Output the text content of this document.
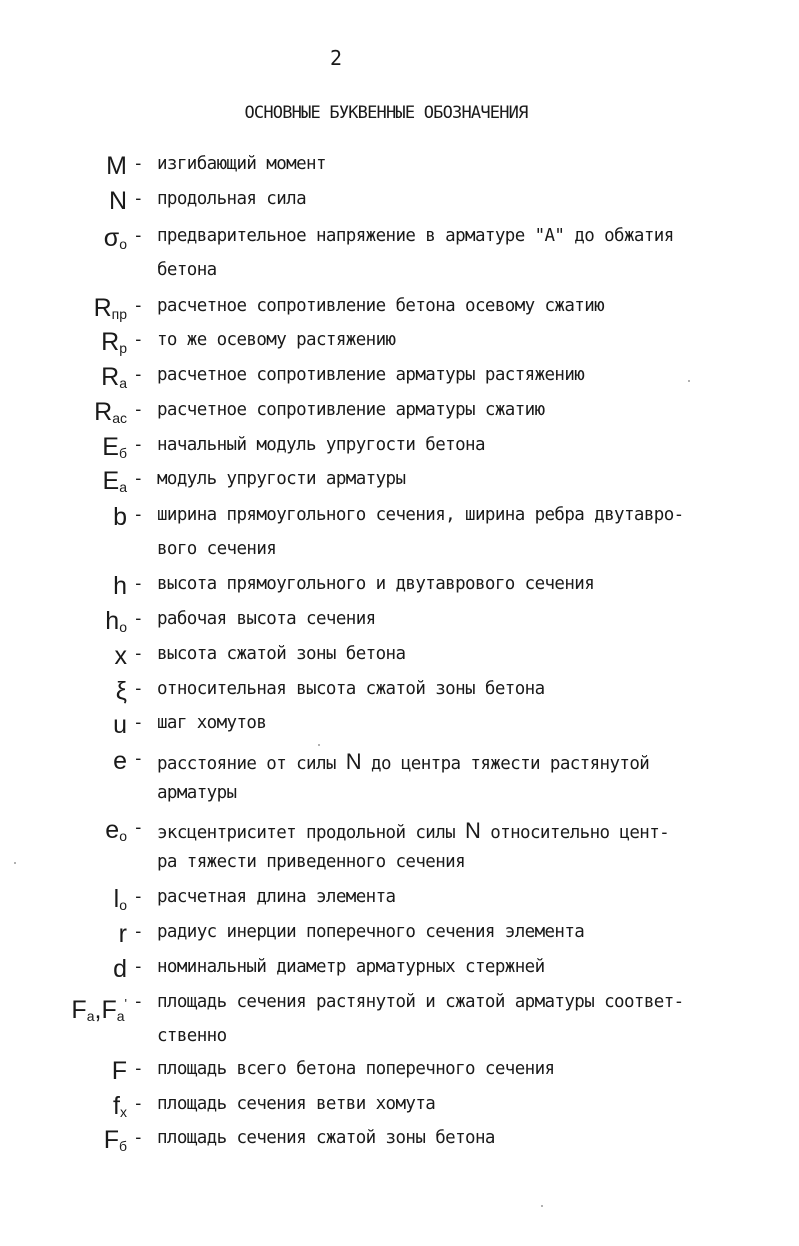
2
ОСНОВНЫЕ БУКВЕННЫЕ ОБОЗНАЧЕНИЯ
M - изгибающий момент
N - продольная сила
$\sigma_o$ - предварительное напряжение в арматуре "А" до обжатия
бетона
$R_{пр}$ - расчетное сопротивление бетона осевому сжатию
$R_р$ - то же осевому растяжению
$R_а$ - расчетное сопротивление арматуры растяжению
$R_{ас}$ - расчетное сопротивление арматуры сжатию
$E_б$ - начальный модуль упругости бетона
$E_а$ - модуль упругости арматуры
b - ширина прямоугольного сечения, ширина ребра двутавро-
вого сечения
h - высота прямоугольного и двутаврового сечения
$h_o$ - рабочая высота сечения
x - высота сжатой зоны бетона
ξ - относительная высота сжатой зоны бетона
u - шаг хомутов
e - расстояние от силы N до центра тяжести растянутой
арматуры
$e_o$ - эксцентриситет продольной силы N относительно цент-
ра тяжести приведенного сечения
$l_o$ - расчетная длина элемента
r - радиус инерции поперечного сечения элемента
d - номинальный диаметр арматурных стержней
$F_а,F_а'$ - площадь сечения растянутой и сжатой арматуры соответ-
ственно
F - площадь всего бетона поперечного сечения
$f_x$ - площадь сечения ветви хомута
$F_б$ - площадь сечения сжатой зоны бетона
